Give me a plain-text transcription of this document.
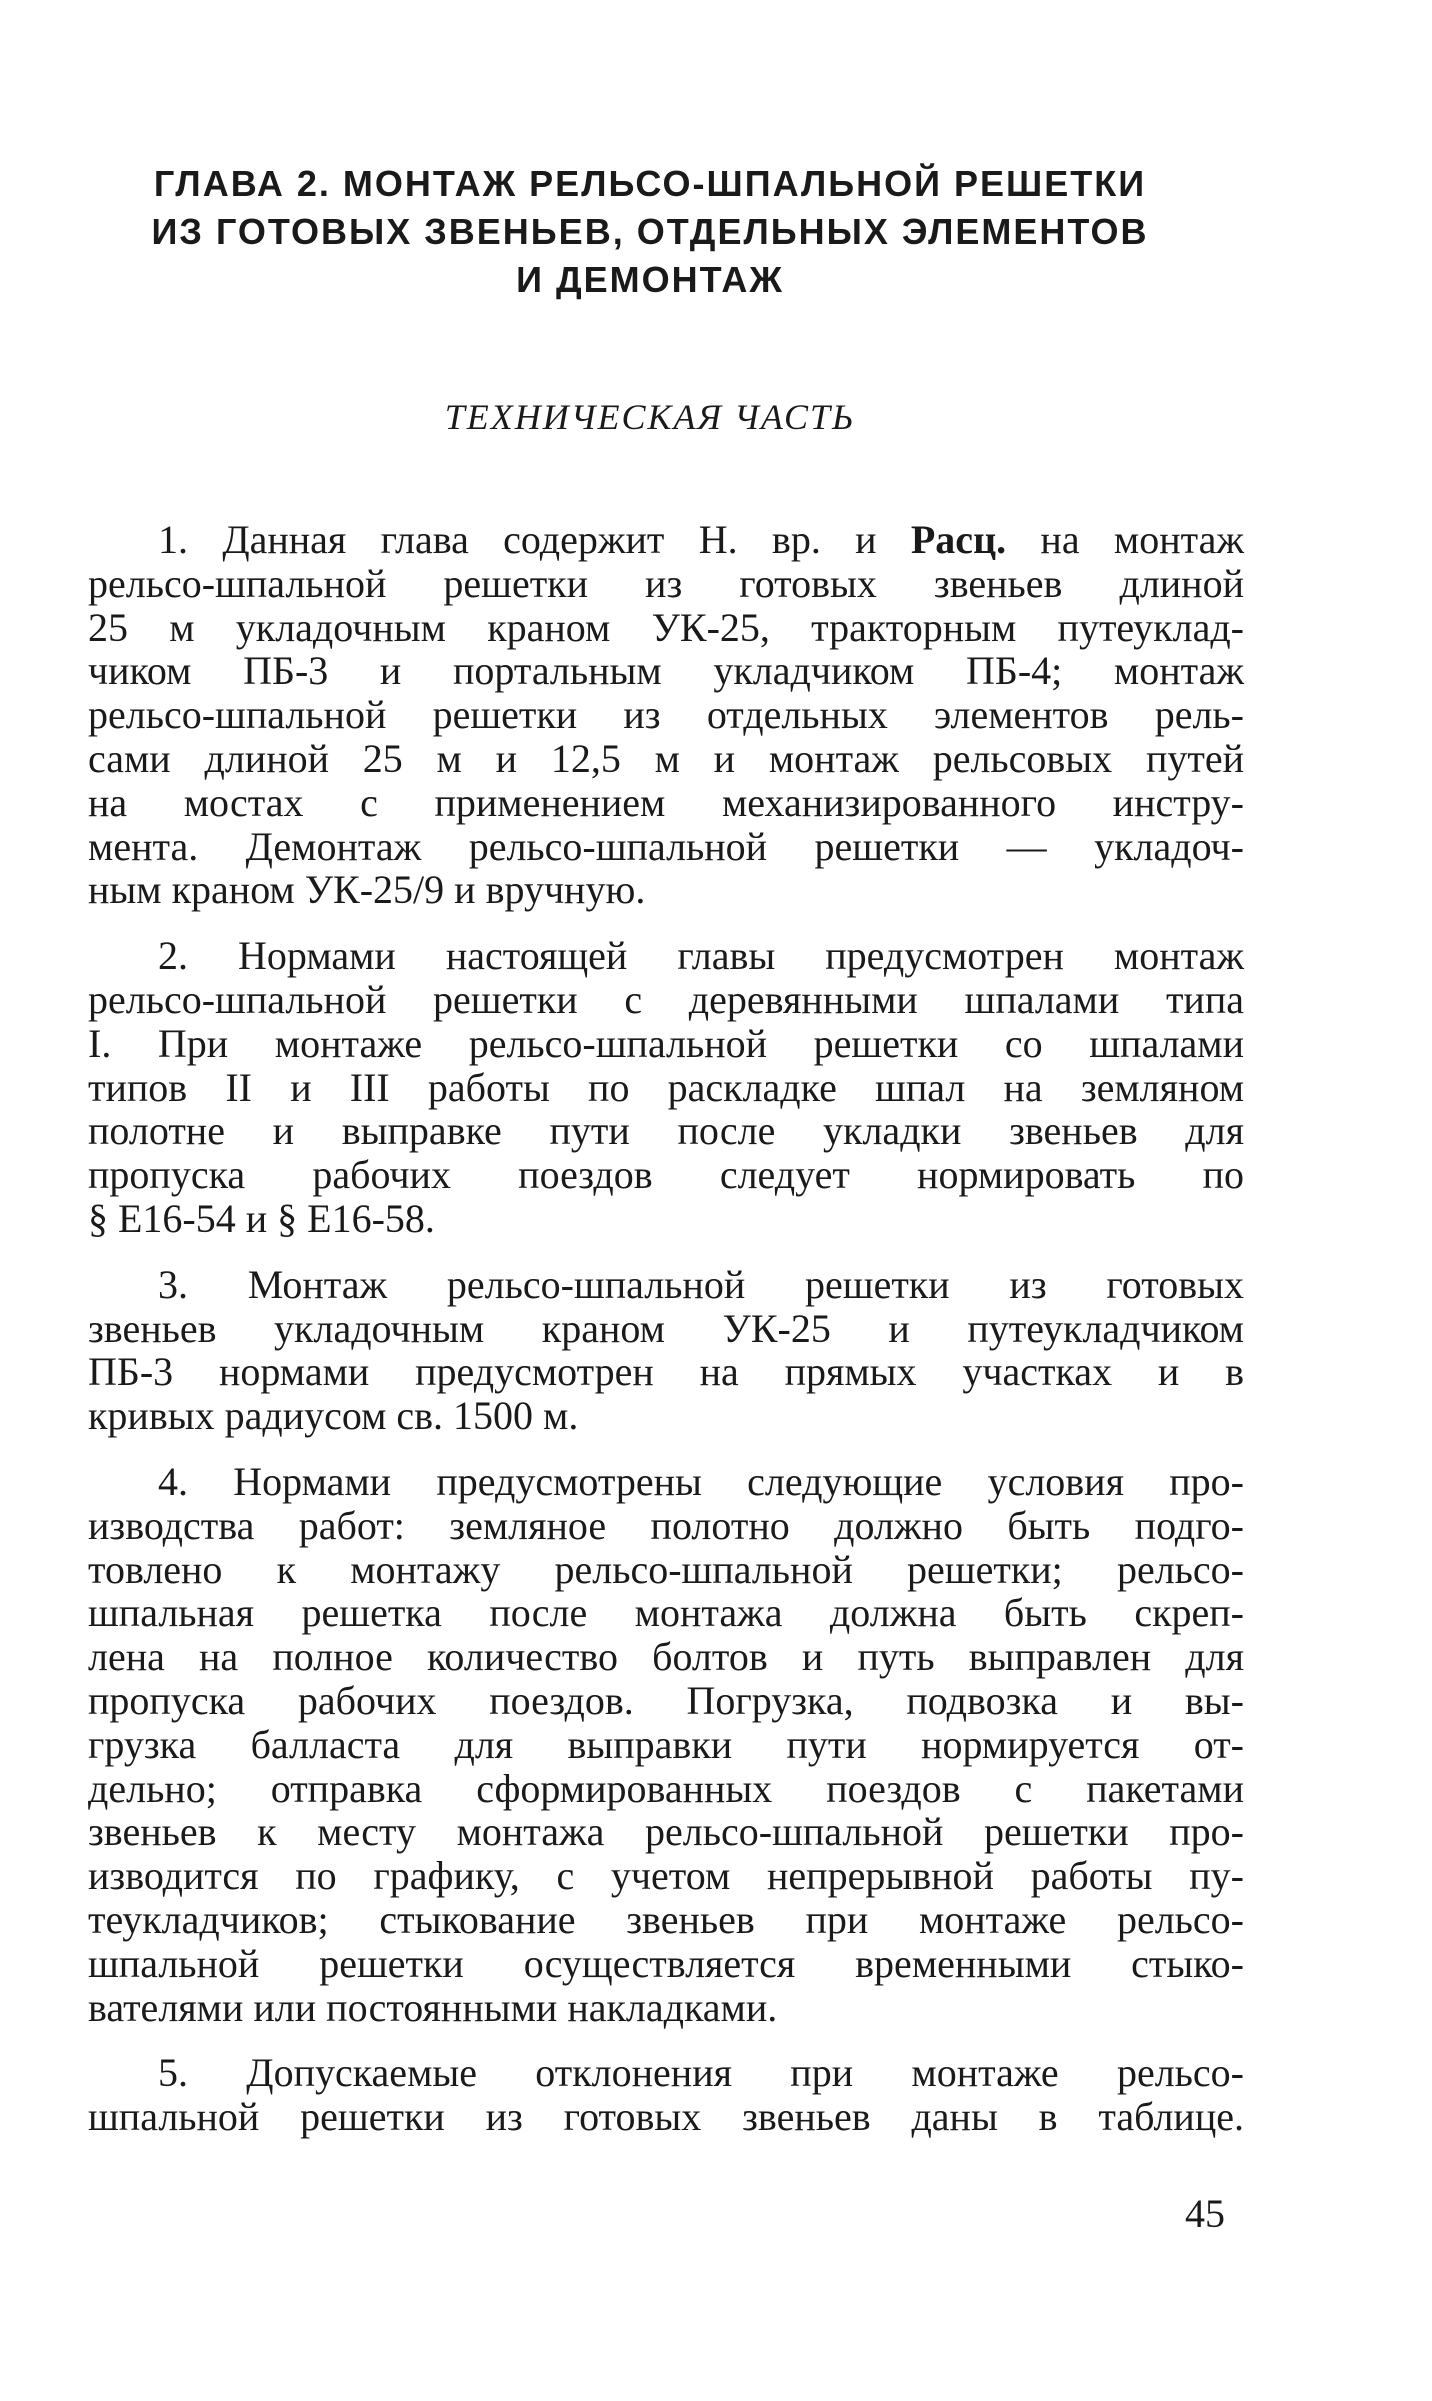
ГЛАВА 2. МОНТАЖ РЕЛЬСО-ШПАЛЬНОЙ РЕШЕТКИ
ИЗ ГОТОВЫХ ЗВЕНЬЕВ, ОТДЕЛЬНЫХ ЭЛЕМЕНТОВ
И ДЕМОНТАЖ
ТЕХНИЧЕСКАЯ ЧАСТЬ

1. Данная глава содержит Н. вр. и Расц. на монтаж
рельсо-шпальной решетки из готовых звеньев длиной
25 м укладочным краном УК-25, тракторным путеуклад-
чиком ПБ-3 и портальным укладчиком ПБ-4; монтаж
рельсо-шпальной решетки из отдельных элементов рель-
сами длиной 25 м и 12,5 м и монтаж рельсовых путей
на мостах с применением механизированного инстру-
мента. Демонтаж рельсо-шпальной решетки — укладоч-
ным краном УК-25/9 и вручную.

2. Нормами настоящей главы предусмотрен монтаж
рельсо-шпальной решетки с деревянными шпалами типа
I. При монтаже рельсо-шпальной решетки со шпалами
типов II и III работы по раскладке шпал на земляном
полотне и выправке пути после укладки звеньев для
пропуска рабочих поездов следует нормировать по
§ Е16-54 и § Е16-58.

3. Монтаж рельсо-шпальной решетки из готовых
звеньев укладочным краном УК-25 и путеукладчиком
ПБ-3 нормами предусмотрен на прямых участках и в
кривых радиусом св. 1500 м.

4. Нормами предусмотрены следующие условия про-
изводства работ: земляное полотно должно быть подго-
товлено к монтажу рельсо-шпальной решетки; рельсо-
шпальная решетка после монтажа должна быть скреп-
лена на полное количество болтов и путь выправлен для
пропуска рабочих поездов. Погрузка, подвозка и вы-
грузка балласта для выправки пути нормируется от-
дельно; отправка сформированных поездов с пакетами
звеньев к месту монтажа рельсо-шпальной решетки про-
изводится по графику, с учетом непрерывной работы пу-
теукладчиков; стыкование звеньев при монтаже рельсо-
шпальной решетки осуществляется временными стыко-
вателями или постоянными накладками.

5. Допускаемые отклонения при монтаже рельсо-
шпальной решетки из готовых звеньев даны в таблице.

45
